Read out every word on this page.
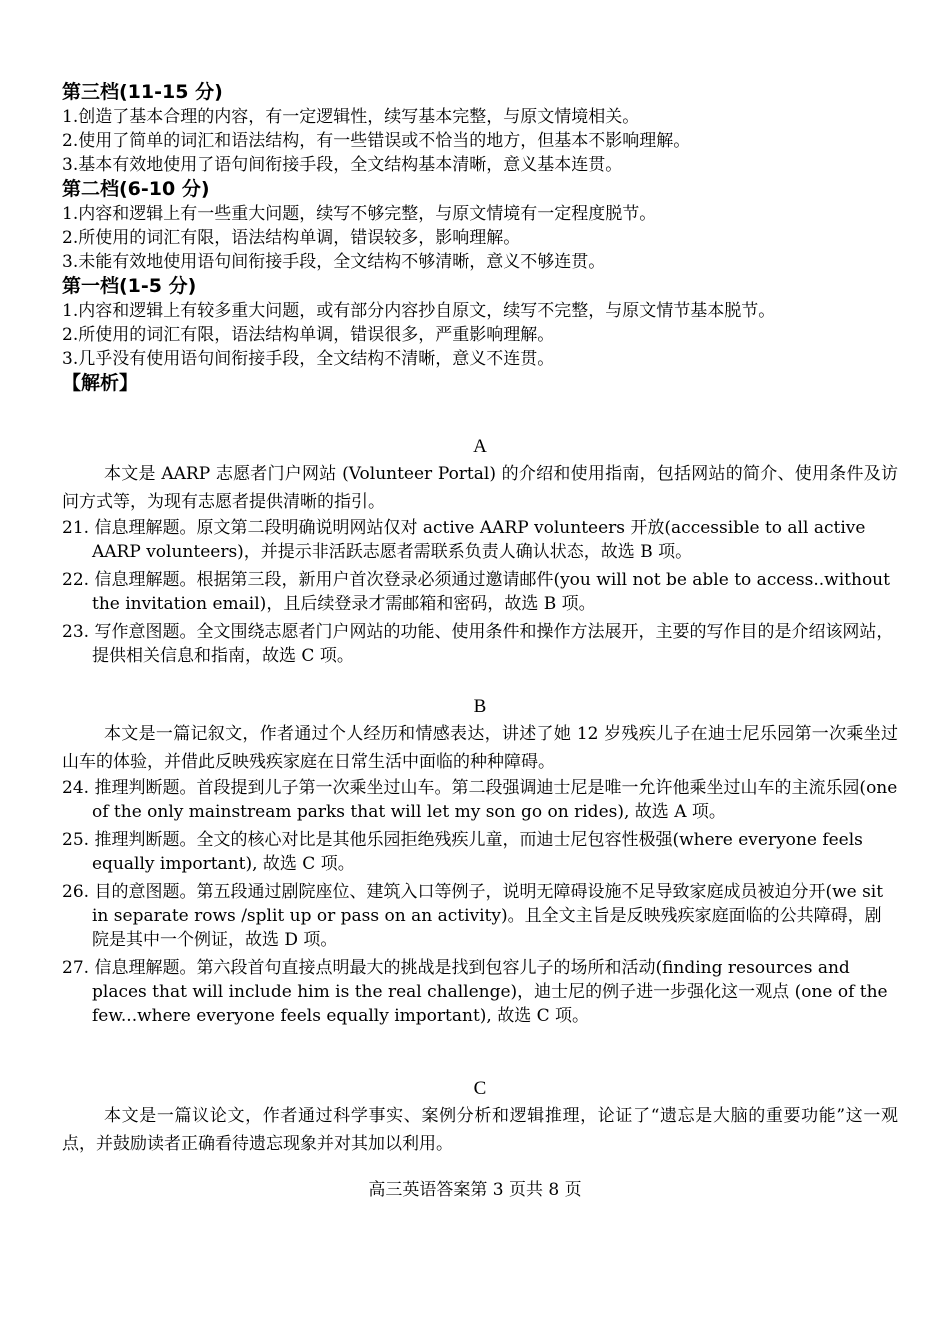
第三档(11-15 分)
1.创造了基本合理的内容，有一定逻辑性，续写基本完整，与原文情境相关。
2.使用了简单的词汇和语法结构，有一些错误或不恰当的地方，但基本不影响理解。
3.基本有效地使用了语句间衔接手段，全文结构基本清晰，意义基本连贯。
第二档(6-10 分)
1.内容和逻辑上有一些重大问题，续写不够完整，与原文情境有一定程度脱节。
2.所使用的词汇有限，语法结构单调，错误较多，影响理解。
3.未能有效地使用语句间衔接手段，全文结构不够清晰，意义不够连贯。
第一档(1-5 分)
1.内容和逻辑上有较多重大问题，或有部分内容抄自原文，续写不完整，与原文情节基本脱节。
2.所使用的词汇有限，语法结构单调，错误很多，严重影响理解。
3.几乎没有使用语句间衔接手段，全文结构不清晰，意义不连贯。
【解析】
A
本文是 AARP 志愿者门户网站 (Volunteer Portal) 的介绍和使用指南，包括网站的简介、使用条件及访问方式等，为现有志愿者提供清晰的指引。
21. 信息理解题。原文第二段明确说明网站仅对 active AARP volunteers 开放(accessible to all active AARP volunteers)，并提示非活跃志愿者需联系负责人确认状态，故选 B 项。
22. 信息理解题。根据第三段，新用户首次登录必须通过邀请邮件(you will not be able to access..without the invitation email)，且后续登录才需邮箱和密码，故选 B 项。
23. 写作意图题。全文围绕志愿者门户网站的功能、使用条件和操作方法展开，主要的写作目的是介绍该网站，提供相关信息和指南，故选 C 项。
B
本文是一篇记叙文，作者通过个人经历和情感表达，讲述了她 12 岁残疾儿子在迪士尼乐园第一次乘坐过山车的体验，并借此反映残疾家庭在日常生活中面临的种种障碍。
24. 推理判断题。首段提到儿子第一次乘坐过山车。第二段强调迪士尼是唯一允许他乘坐过山车的主流乐园(one of the only mainstream parks that will let my son go on rides), 故选 A 项。
25. 推理判断题。全文的核心对比是其他乐园拒绝残疾儿童，而迪士尼包容性极强(where everyone feels equally important), 故选 C 项。
26. 目的意图题。第五段通过剧院座位、建筑入口等例子，说明无障碍设施不足导致家庭成员被迫分开(we sit in separate rows /split up or pass on an activity)。且全文主旨是反映残疾家庭面临的公共障碍，剧院是其中一个例证，故选 D 项。
27. 信息理解题。第六段首句直接点明最大的挑战是找到包容儿子的场所和活动(finding resources and places that will include him is the real challenge)，迪士尼的例子进一步强化这一观点 (one of the few...where everyone feels equally important), 故选 C 项。
C
本文是一篇议论文，作者通过科学事实、案例分析和逻辑推理，论证了“遗忘是大脑的重要功能”这一观点，并鼓励读者正确看待遗忘现象并对其加以利用。
高三英语答案第 3 页共 8 页
